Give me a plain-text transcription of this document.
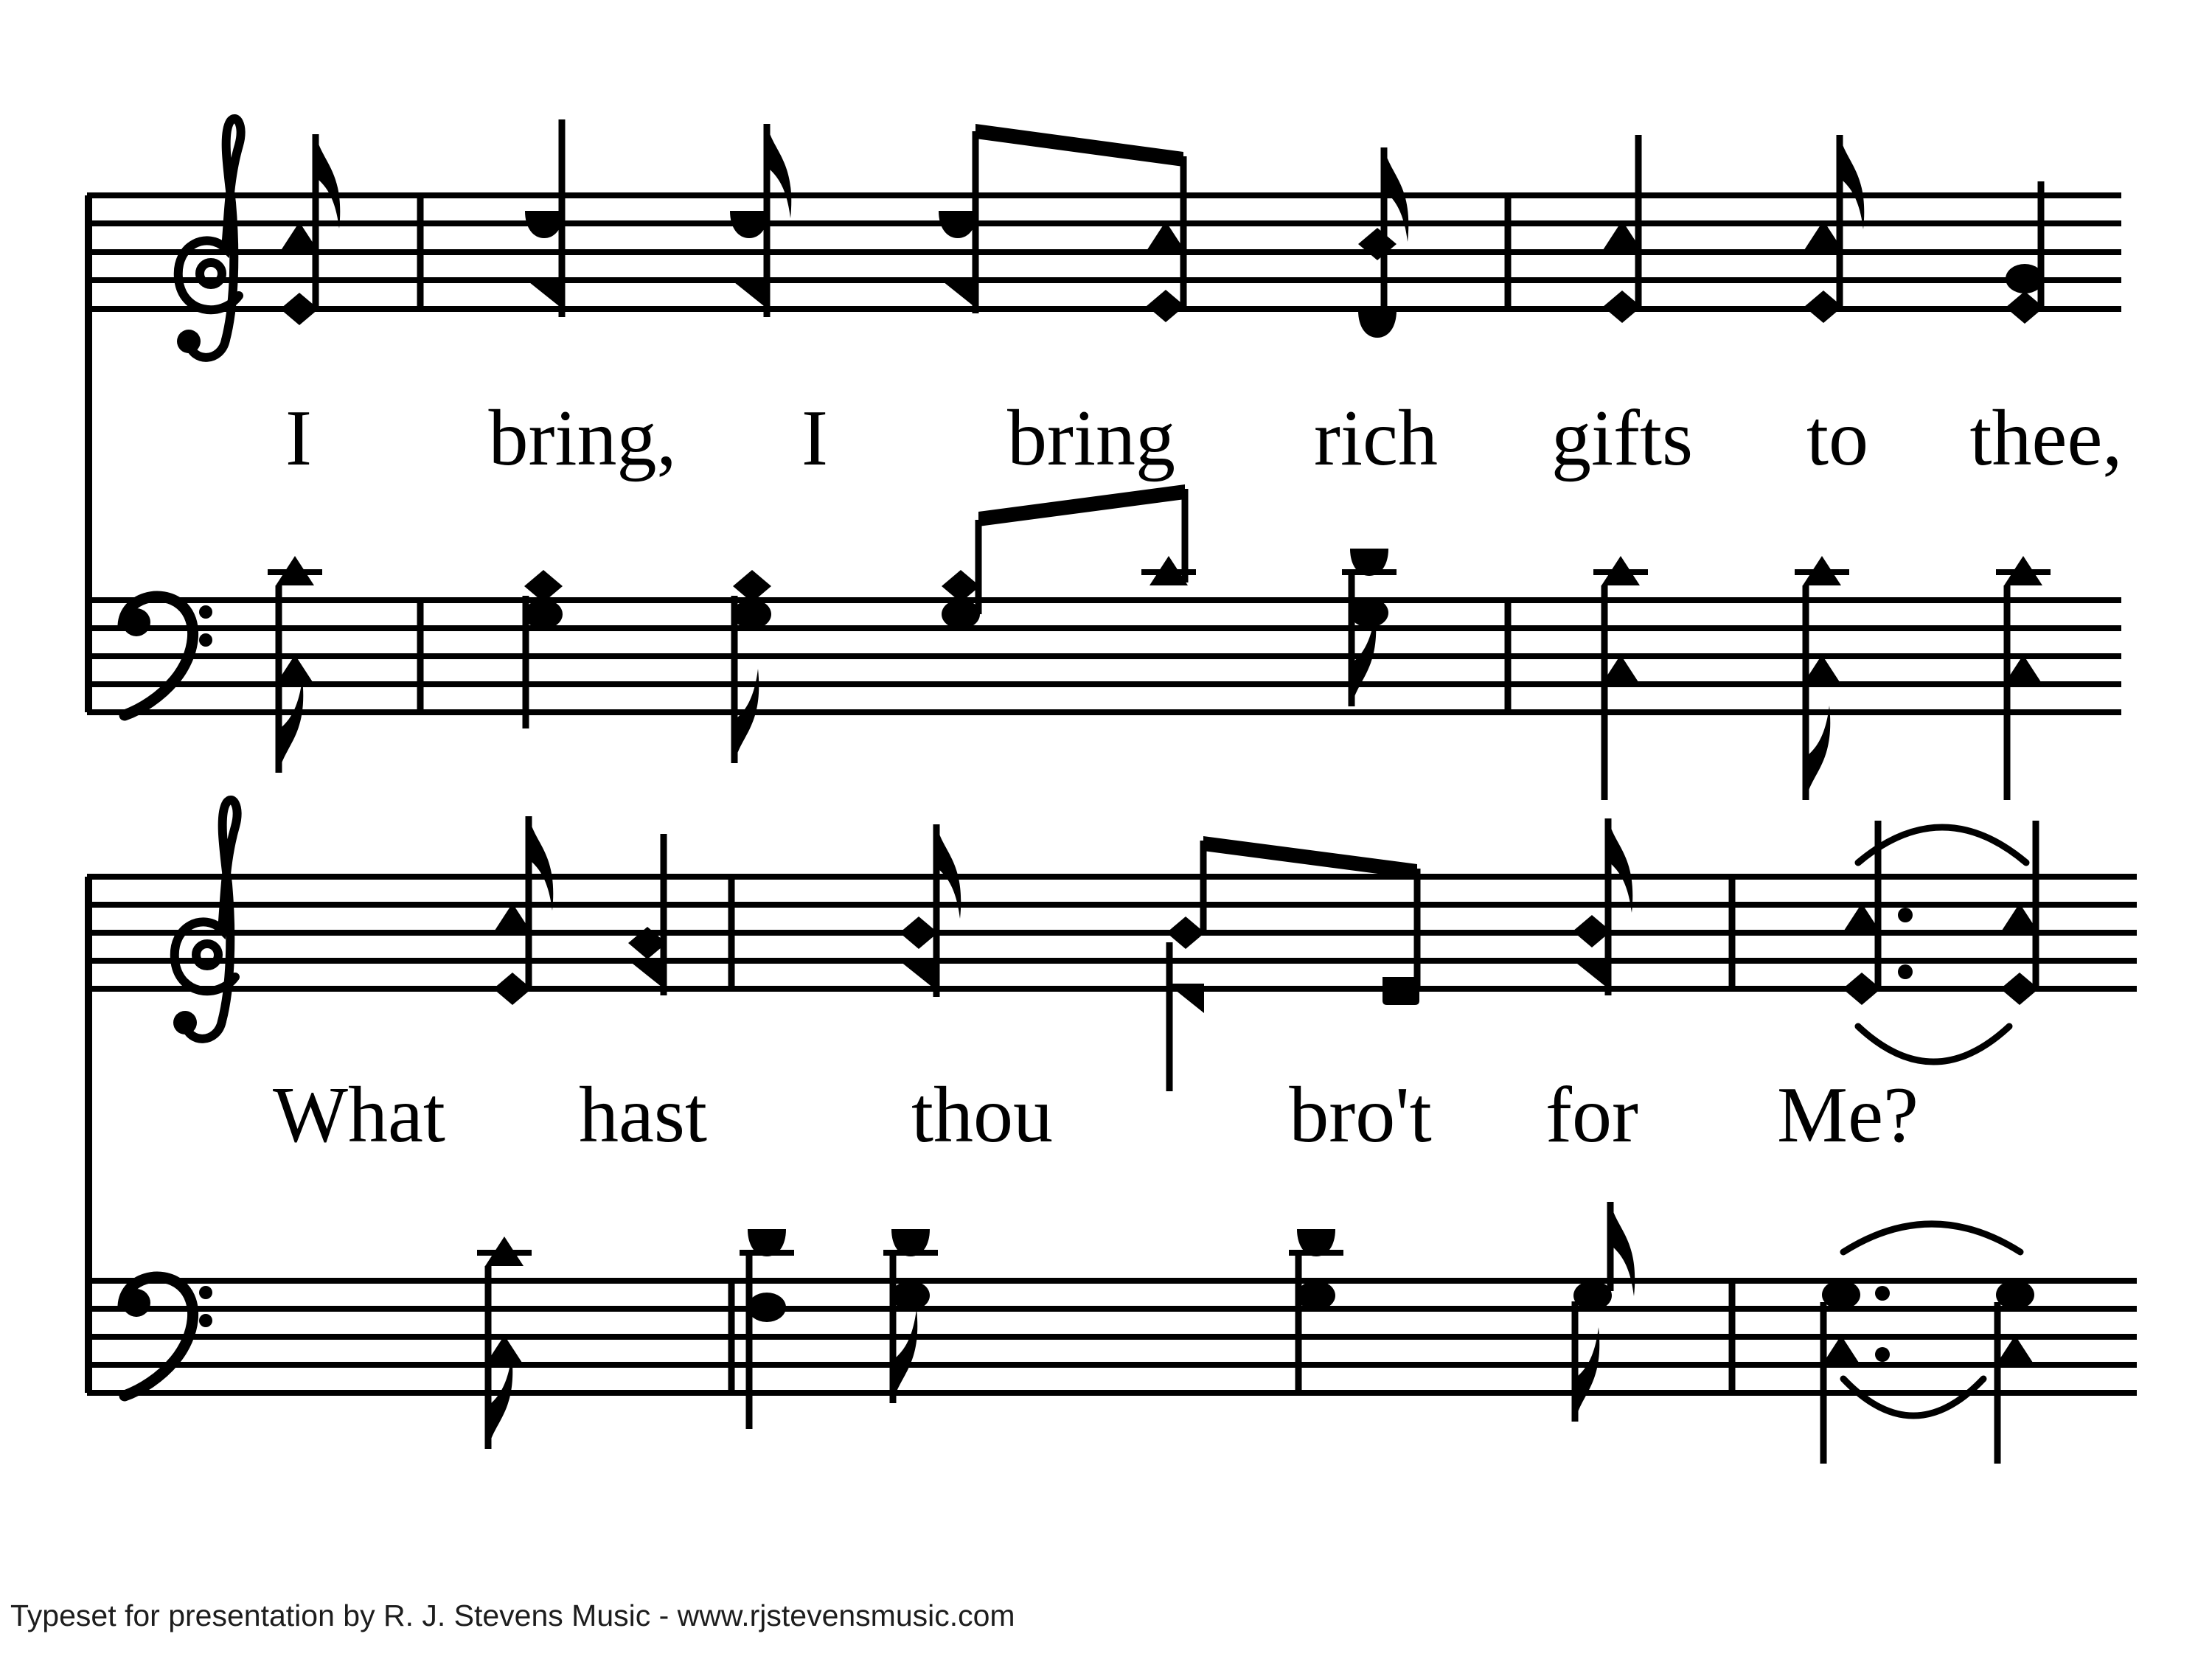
I bring, I bring rich gifts to thee,
What hast	thou	bro't for Me?
Typeset for presentation by R. J. Stevens Music - www.rjstevensmusic.com
